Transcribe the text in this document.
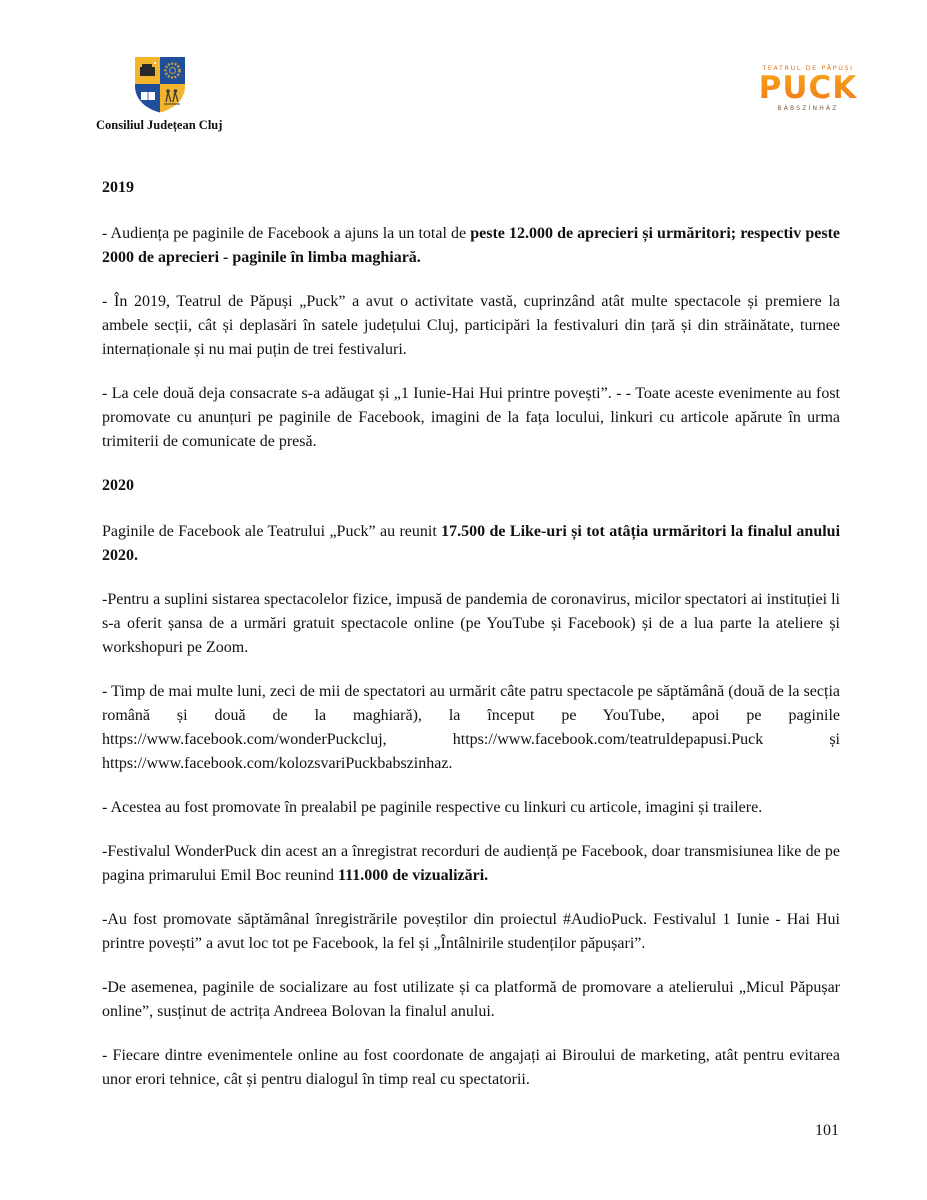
Consiliul Județean Cluj
TEATRUL DE PĂPUȘI
PUCK
BÁBSZÍNHÁZ
2019

- Audiența pe paginile de Facebook a ajuns la un total de peste 12.000 de aprecieri și urmăritori; respectiv peste 2000 de aprecieri - paginile în limba maghiară.

- În 2019, Teatrul de Păpuși „Puck” a avut o activitate vastă, cuprinzând atât multe spectacole și premiere la ambele secții, cât și deplasări în satele județului Cluj, participări la festivaluri din țară și din străinătate, turnee internaționale și nu mai puțin de trei festivaluri.

- La cele două deja consacrate s-a adăugat și „1 Iunie-Hai Hui printre povești”. - - Toate aceste evenimente au fost promovate cu anunțuri pe paginile de Facebook, imagini de la fața locului, linkuri cu articole apărute în urma trimiterii de comunicate de presă.

2020

Paginile de Facebook ale Teatrului „Puck” au reunit 17.500 de Like-uri și tot atâția urmăritori la finalul anului 2020.

-Pentru a suplini sistarea spectacolelor fizice, impusă de pandemia de coronavirus, micilor spectatori ai instituției li s-a oferit șansa de a urmări gratuit spectacole online (pe YouTube și Facebook) și de a lua parte la ateliere și workshopuri pe Zoom.

- Timp de mai multe luni, zeci de mii de spectatori au urmărit câte patru spectacole pe săptămână (două de la secția română și două de la maghiară), la început pe YouTube, apoi pe paginile https://www.facebook.com/wonderPuckcluj, https://www.facebook.com/teatruldepapusi.Puck și https://www.facebook.com/kolozsvariPuckbabszinhaz.

- Acestea au fost promovate în prealabil pe paginile respective cu linkuri cu articole, imagini și trailere.

-Festivalul WonderPuck din acest an a înregistrat recorduri de audiență pe Facebook, doar transmisiunea like de pe pagina primarului Emil Boc reunind 111.000 de vizualizări.

-Au fost promovate săptămânal înregistrările poveștilor din proiectul #AudioPuck. Festivalul 1 Iunie - Hai Hui printre povești” a avut loc tot pe Facebook, la fel și „Întâlnirile studenților păpușari”.

-De asemenea, paginile de socializare au fost utilizate și ca platformă de promovare a atelierului „Micul Păpușar online”, susținut de actrița Andreea Bolovan la finalul anului.

- Fiecare dintre evenimentele online au fost coordonate de angajați ai Biroului de marketing, atât pentru evitarea unor erori tehnice, cât și pentru dialogul în timp real cu spectatorii.

101
